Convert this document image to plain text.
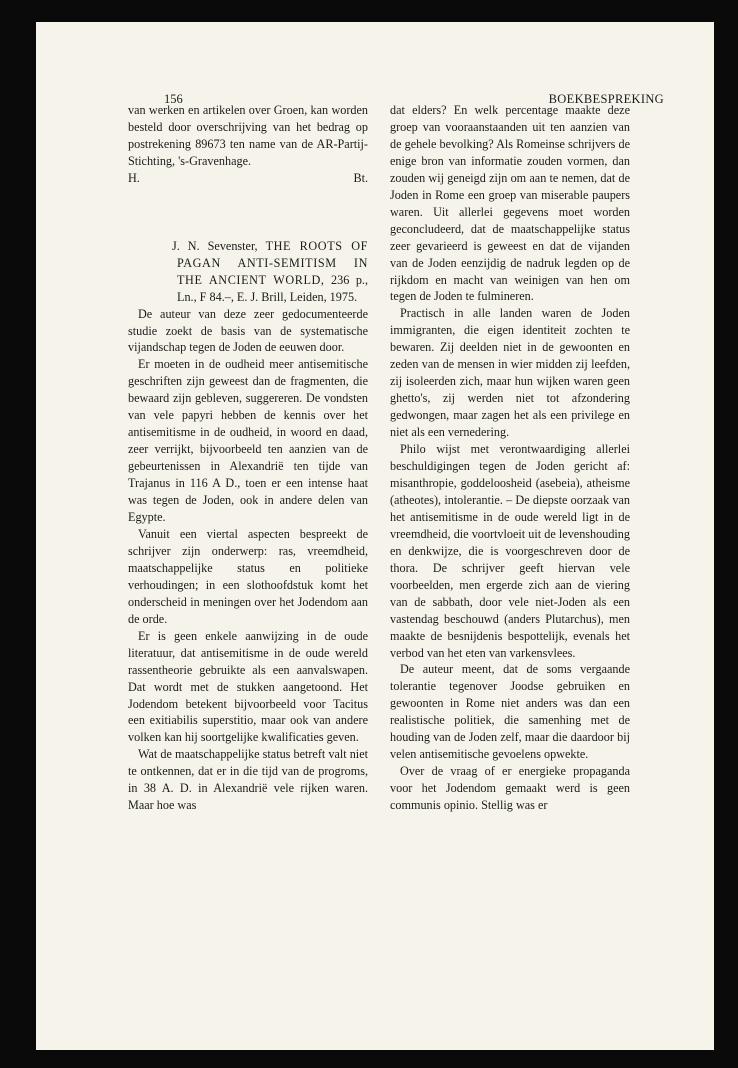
156	BOEKBESPREKING

van werken en artikelen over Groen, kan worden besteld door overschrijving van het bedrag op postrekening 89673 ten name van de AR-Partij-Stichting, 's-Gravenhage.

H.	Bt.

J. N. Sevenster, THE ROOTS OF PAGAN ANTI-SEMITISM IN THE ANCIENT WORLD, 236 p., Ln., F 84.–, E. J. Brill, Leiden, 1975.

De auteur van deze zeer gedocumenteerde studie zoekt de basis van de systematische vijandschap tegen de Joden de eeuwen door.

Er moeten in de oudheid meer antisemitische geschriften zijn geweest dan de fragmenten, die bewaard zijn gebleven, suggereren. De vondsten van vele papyri hebben de kennis over het antisemitisme in de oudheid, in woord en daad, zeer verrijkt, bijvoorbeeld ten aanzien van de gebeurtenissen in Alexandrië ten tijde van Trajanus in 116 A D., toen er een intense haat was tegen de Joden, ook in andere delen van Egypte.

Vanuit een viertal aspecten bespreekt de schrijver zijn onderwerp: ras, vreemdheid, maatschappelijke status en politieke verhoudingen; in een slothoofdstuk komt het onderscheid in meningen over het Jodendom aan de orde.

Er is geen enkele aanwijzing in de oude literatuur, dat antisemitisme in de oude wereld rassentheorie gebruikte als een aanvalswapen. Dat wordt met de stukken aangetoond. Het Jodendom betekent bijvoorbeeld voor Tacitus een exitiabilis superstitio, maar ook van andere volken kan hij soortgelijke kwalificaties geven.

Wat de maatschappelijke status betreft valt niet te ontkennen, dat er in die tijd van de progroms, in 38 A. D. in Alexandrië vele rijken waren. Maar hoe was

dat elders? En welk percentage maakte deze groep van vooraanstaanden uit ten aanzien van de gehele bevolking? Als Romeinse schrijvers de enige bron van informatie zouden vormen, dan zouden wij geneigd zijn om aan te nemen, dat de Joden in Rome een groep van miserable paupers waren. Uit allerlei gegevens moet worden geconcludeerd, dat de maatschappelijke status zeer gevarieerd is geweest en dat de vijanden van de Joden eenzijdig de nadruk legden op de rijkdom en macht van weinigen van hen om tegen de Joden te fulmineren.

Practisch in alle landen waren de Joden immigranten, die eigen identiteit zochten te bewaren. Zij deelden niet in de gewoonten en zeden van de mensen in wier midden zij leefden, zij isoleerden zich, maar hun wijken waren geen ghetto's, zij werden niet tot afzondering gedwongen, maar zagen het als een privilege en niet als een vernedering.

Philo wijst met verontwaardiging allerlei beschuldigingen tegen de Joden gericht af: misanthropie, goddeloosheid (asebeia), atheisme (atheotes), intolerantie. – De diepste oorzaak van het antisemitisme in de oude wereld ligt in de vreemdheid, die voortvloeit uit de levenshouding en denkwijze, die is voorgeschreven door de thora. De schrijver geeft hiervan vele voorbeelden, men ergerde zich aan de viering van de sabbath, door vele niet-Joden als een vastendag beschouwd (anders Plutarchus), men maakte de besnijdenis bespottelijk, evenals het verbod van het eten van varkensvlees.

De auteur meent, dat de soms vergaande tolerantie tegenover Joodse gebruiken en gewoonten in Rome niet anders was dan een realistische politiek, die samenhing met de houding van de Joden zelf, maar die daardoor bij velen antisemitische gevoelens opwekte.

Over de vraag of er energieke propaganda voor het Jodendom gemaakt werd is geen communis opinio. Stellig was er
